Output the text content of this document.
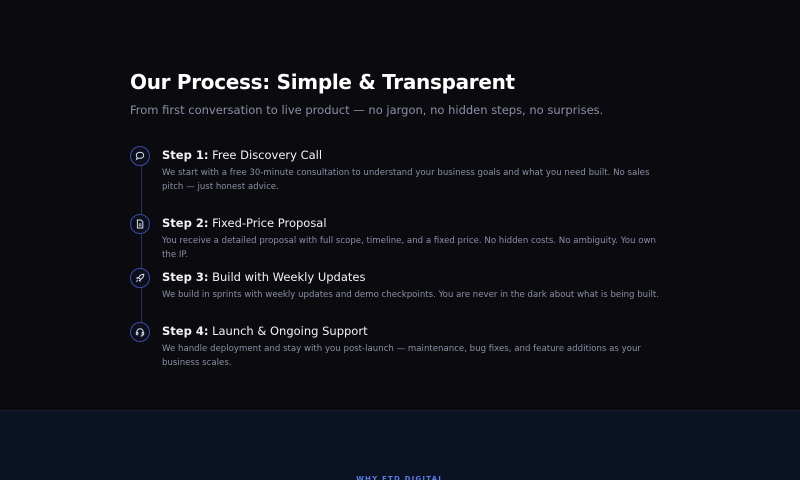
Our Process: Simple & Transparent

From first conversation to live product — no jargon, no hidden steps, no surprises.

Step 1: Free Discovery Call

We start with a free 30-minute consultation to understand your business goals and what you need built. No sales pitch — just honest advice.

Step 2: Fixed-Price Proposal

You receive a detailed proposal with full scope, timeline, and a fixed price. No hidden costs. No ambiguity. You own the IP.

Step 3: Build with Weekly Updates

We build in sprints with weekly updates and demo checkpoints. You are never in the dark about what is being built.

Step 4: Launch & Ongoing Support

We handle deployment and stay with you post-launch — maintenance, bug fixes, and feature additions as your business scales.

WHY FTD DIGITAL
